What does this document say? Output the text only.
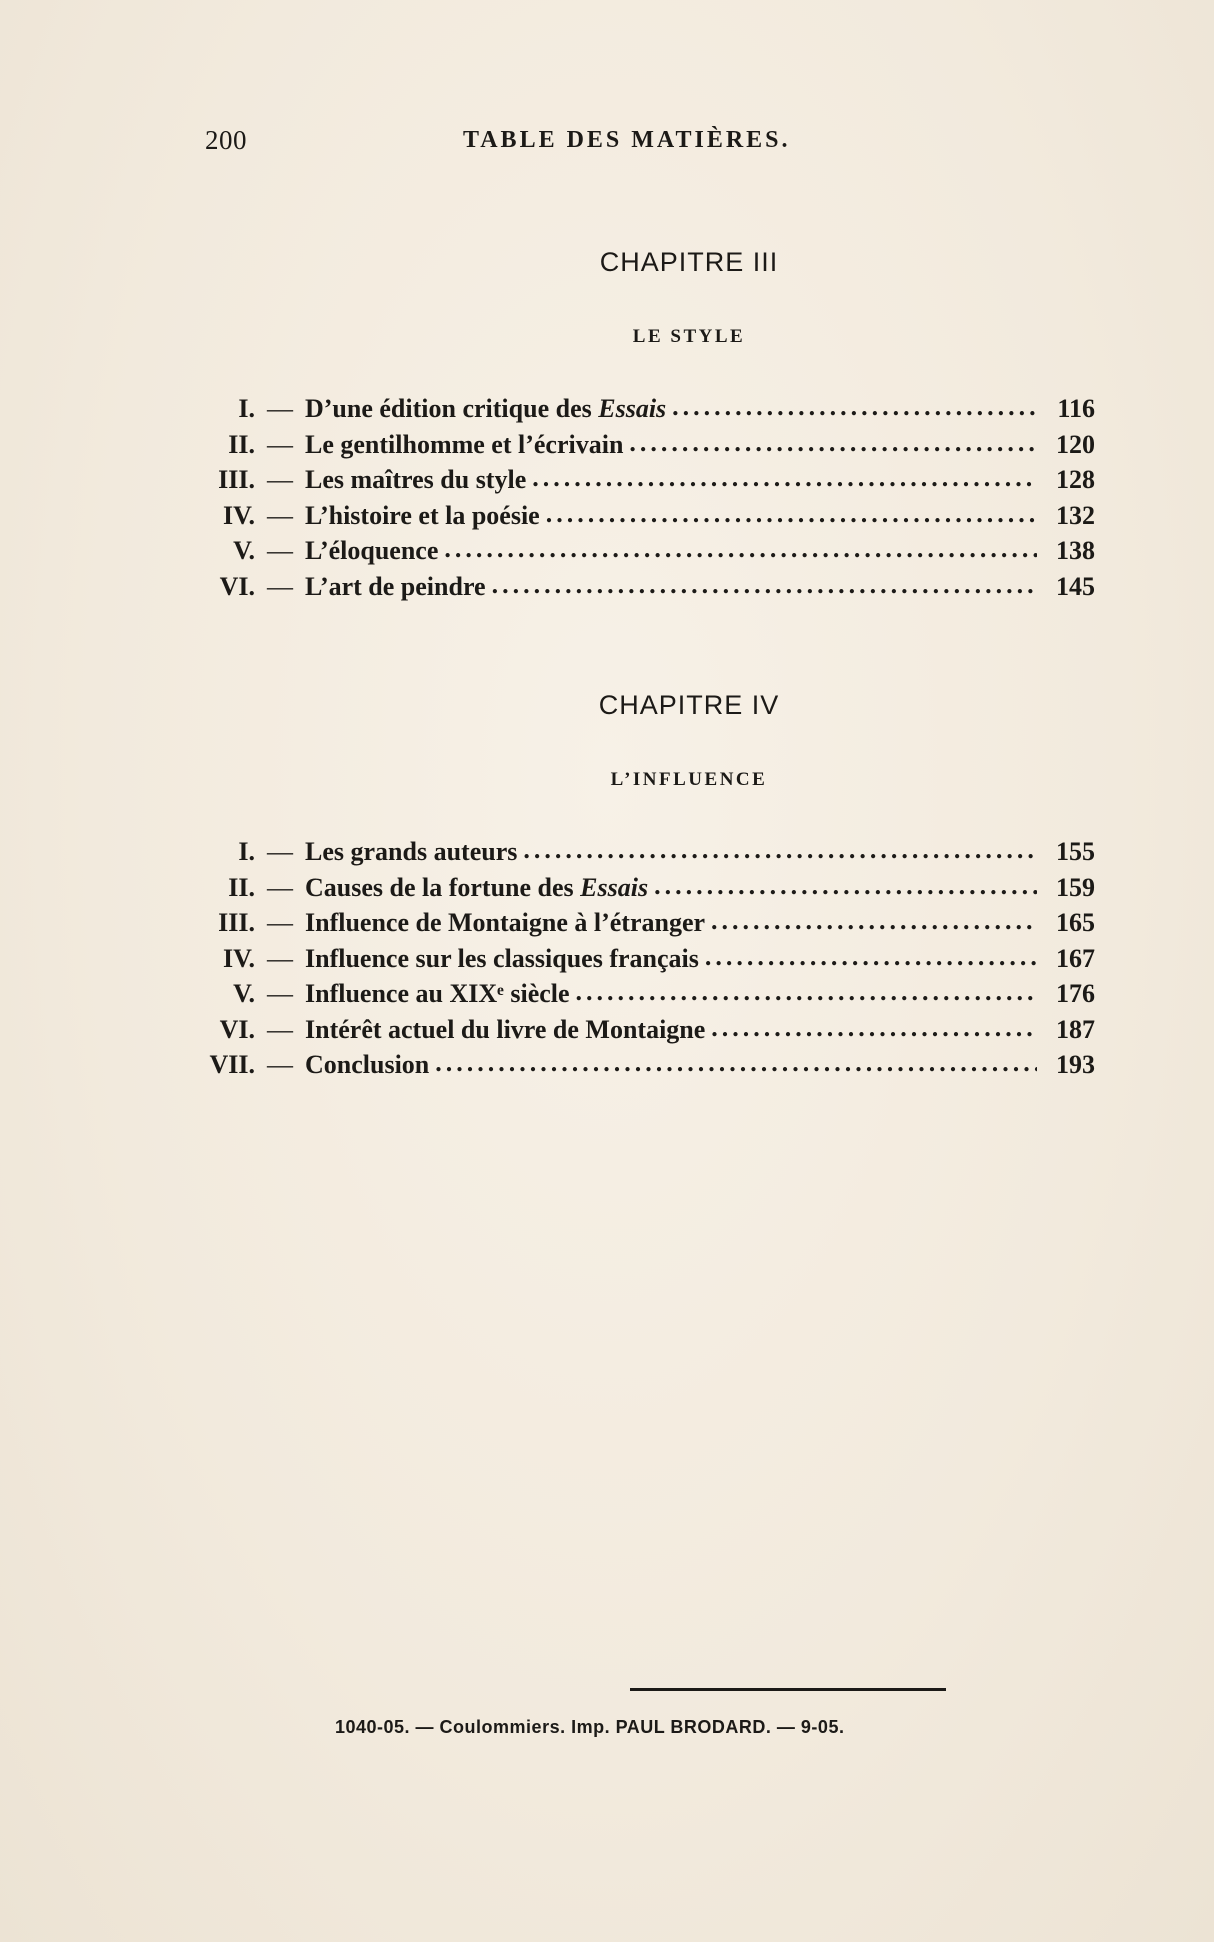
200	TABLE DES MATIÈRES.
CHAPITRE III
LE STYLE
I. — D’une édition critique des Essais .....	116
II. — Le gentilhomme et l’écrivain .....	120
III. — Les maîtres du style .....	128
IV. — L’histoire et la poésie .....	132
V. — L’éloquence .....	138
VI. — L’art de peindre .....	145
CHAPITRE IV
L’INFLUENCE
I. — Les grands auteurs .....	155
II. — Causes de la fortune des Essais .....	159
III. — Influence de Montaigne à l’étranger .....	165
IV. — Influence sur les classiques français .....	167
V. — Influence au XIXᵉ siècle .....	176
VI. — Intérêt actuel du livre de Montaigne .....	187
VII. — Conclusion .....	193
1040-05. — Coulommiers. Imp. PAUL BRODARD. — 9-05.
